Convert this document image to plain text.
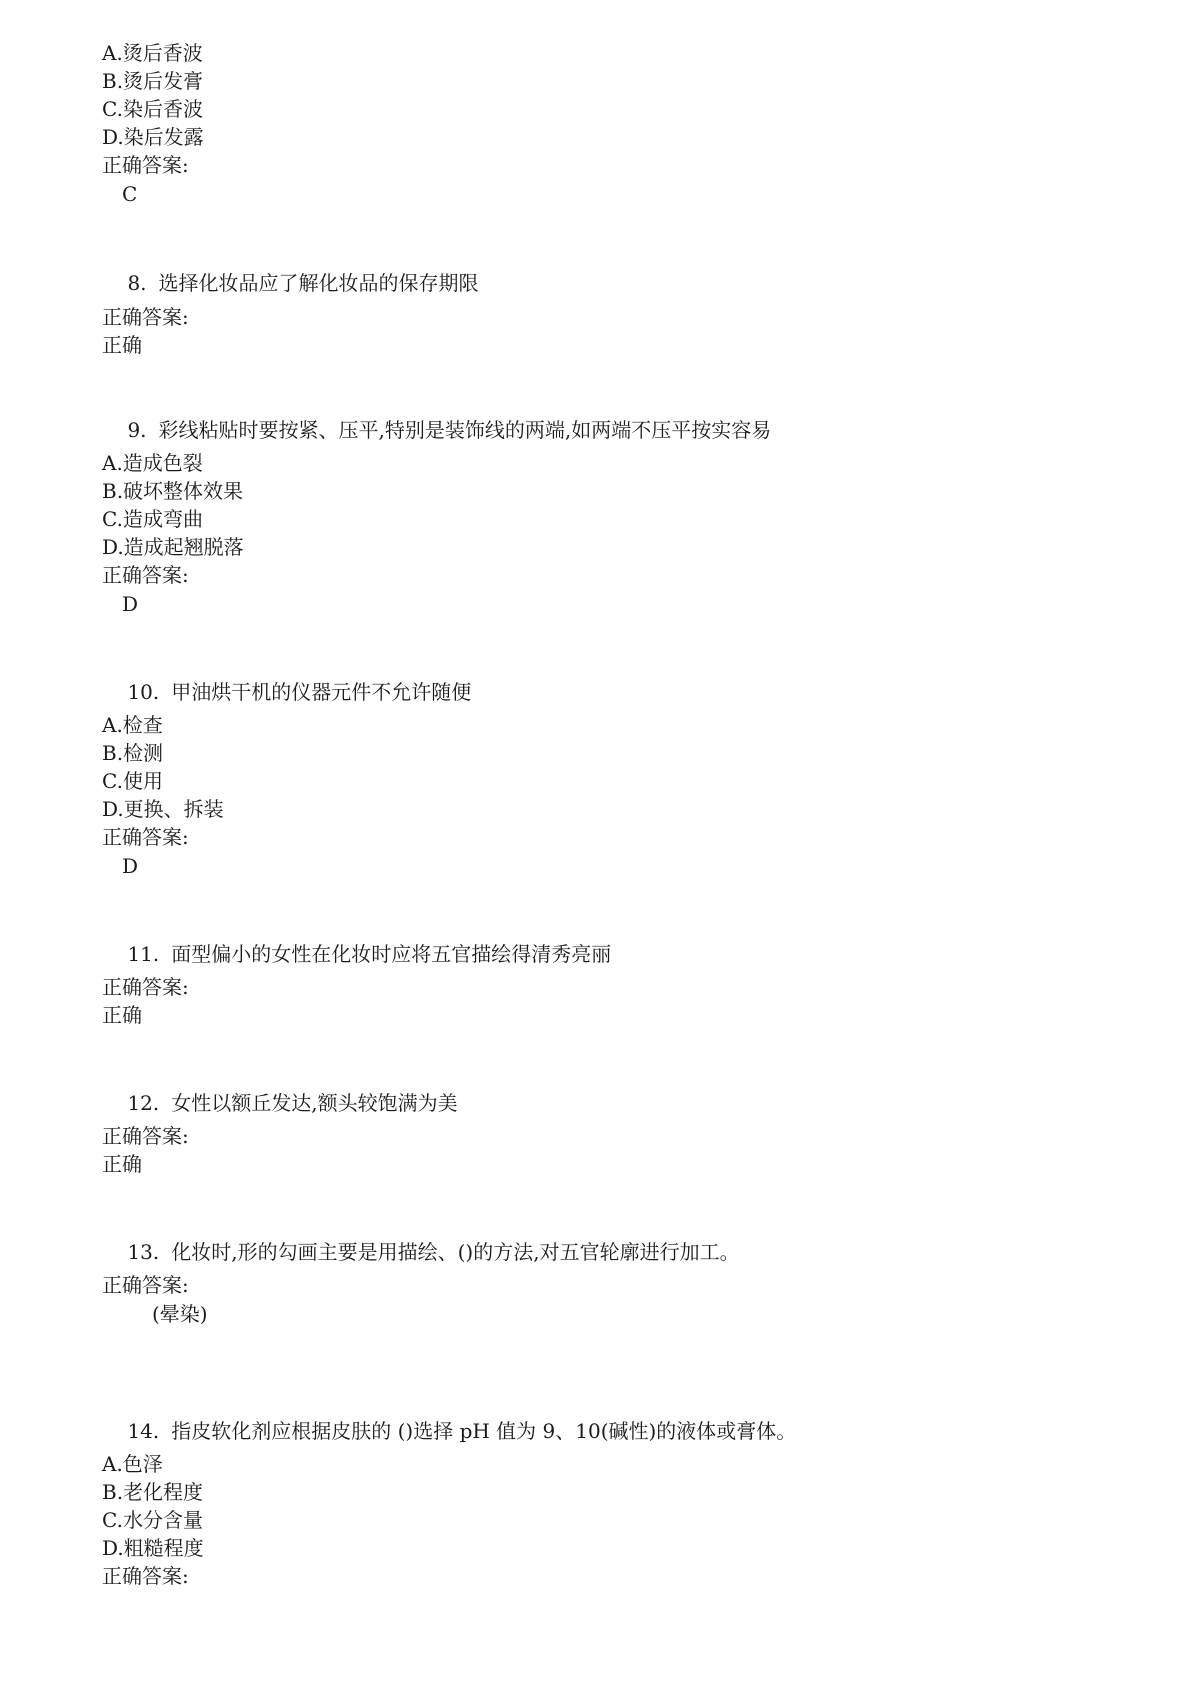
A.烫后香波
B.烫后发膏
C.染后香波
D.染后发露
正确答案:
C

8. 选择化妆品应了解化妆品的保存期限

正确答案:
正确

9. 彩线粘贴时要按紧、压平,特别是装饰线的两端,如两端不压平按实容易

A.造成色裂
B.破坏整体效果
C.造成弯曲
D.造成起翘脱落
正确答案:
D

10. 甲油烘干机的仪器元件不允许随便

A.检查
B.检测
C.使用
D.更换、拆装
正确答案:
D

11. 面型偏小的女性在化妆时应将五官描绘得清秀亮丽

正确答案:
正确

12. 女性以额丘发达,额头较饱满为美

正确答案:
正确

13. 化妆时,形的勾画主要是用描绘、()的方法,对五官轮廓进行加工。

正确答案:
(晕染)

14. 指皮软化剂应根据皮肤的 ()选择 pH 值为 9、10(碱性)的液体或膏体。

A.色泽
B.老化程度
C.水分含量
D.粗糙程度
正确答案:
